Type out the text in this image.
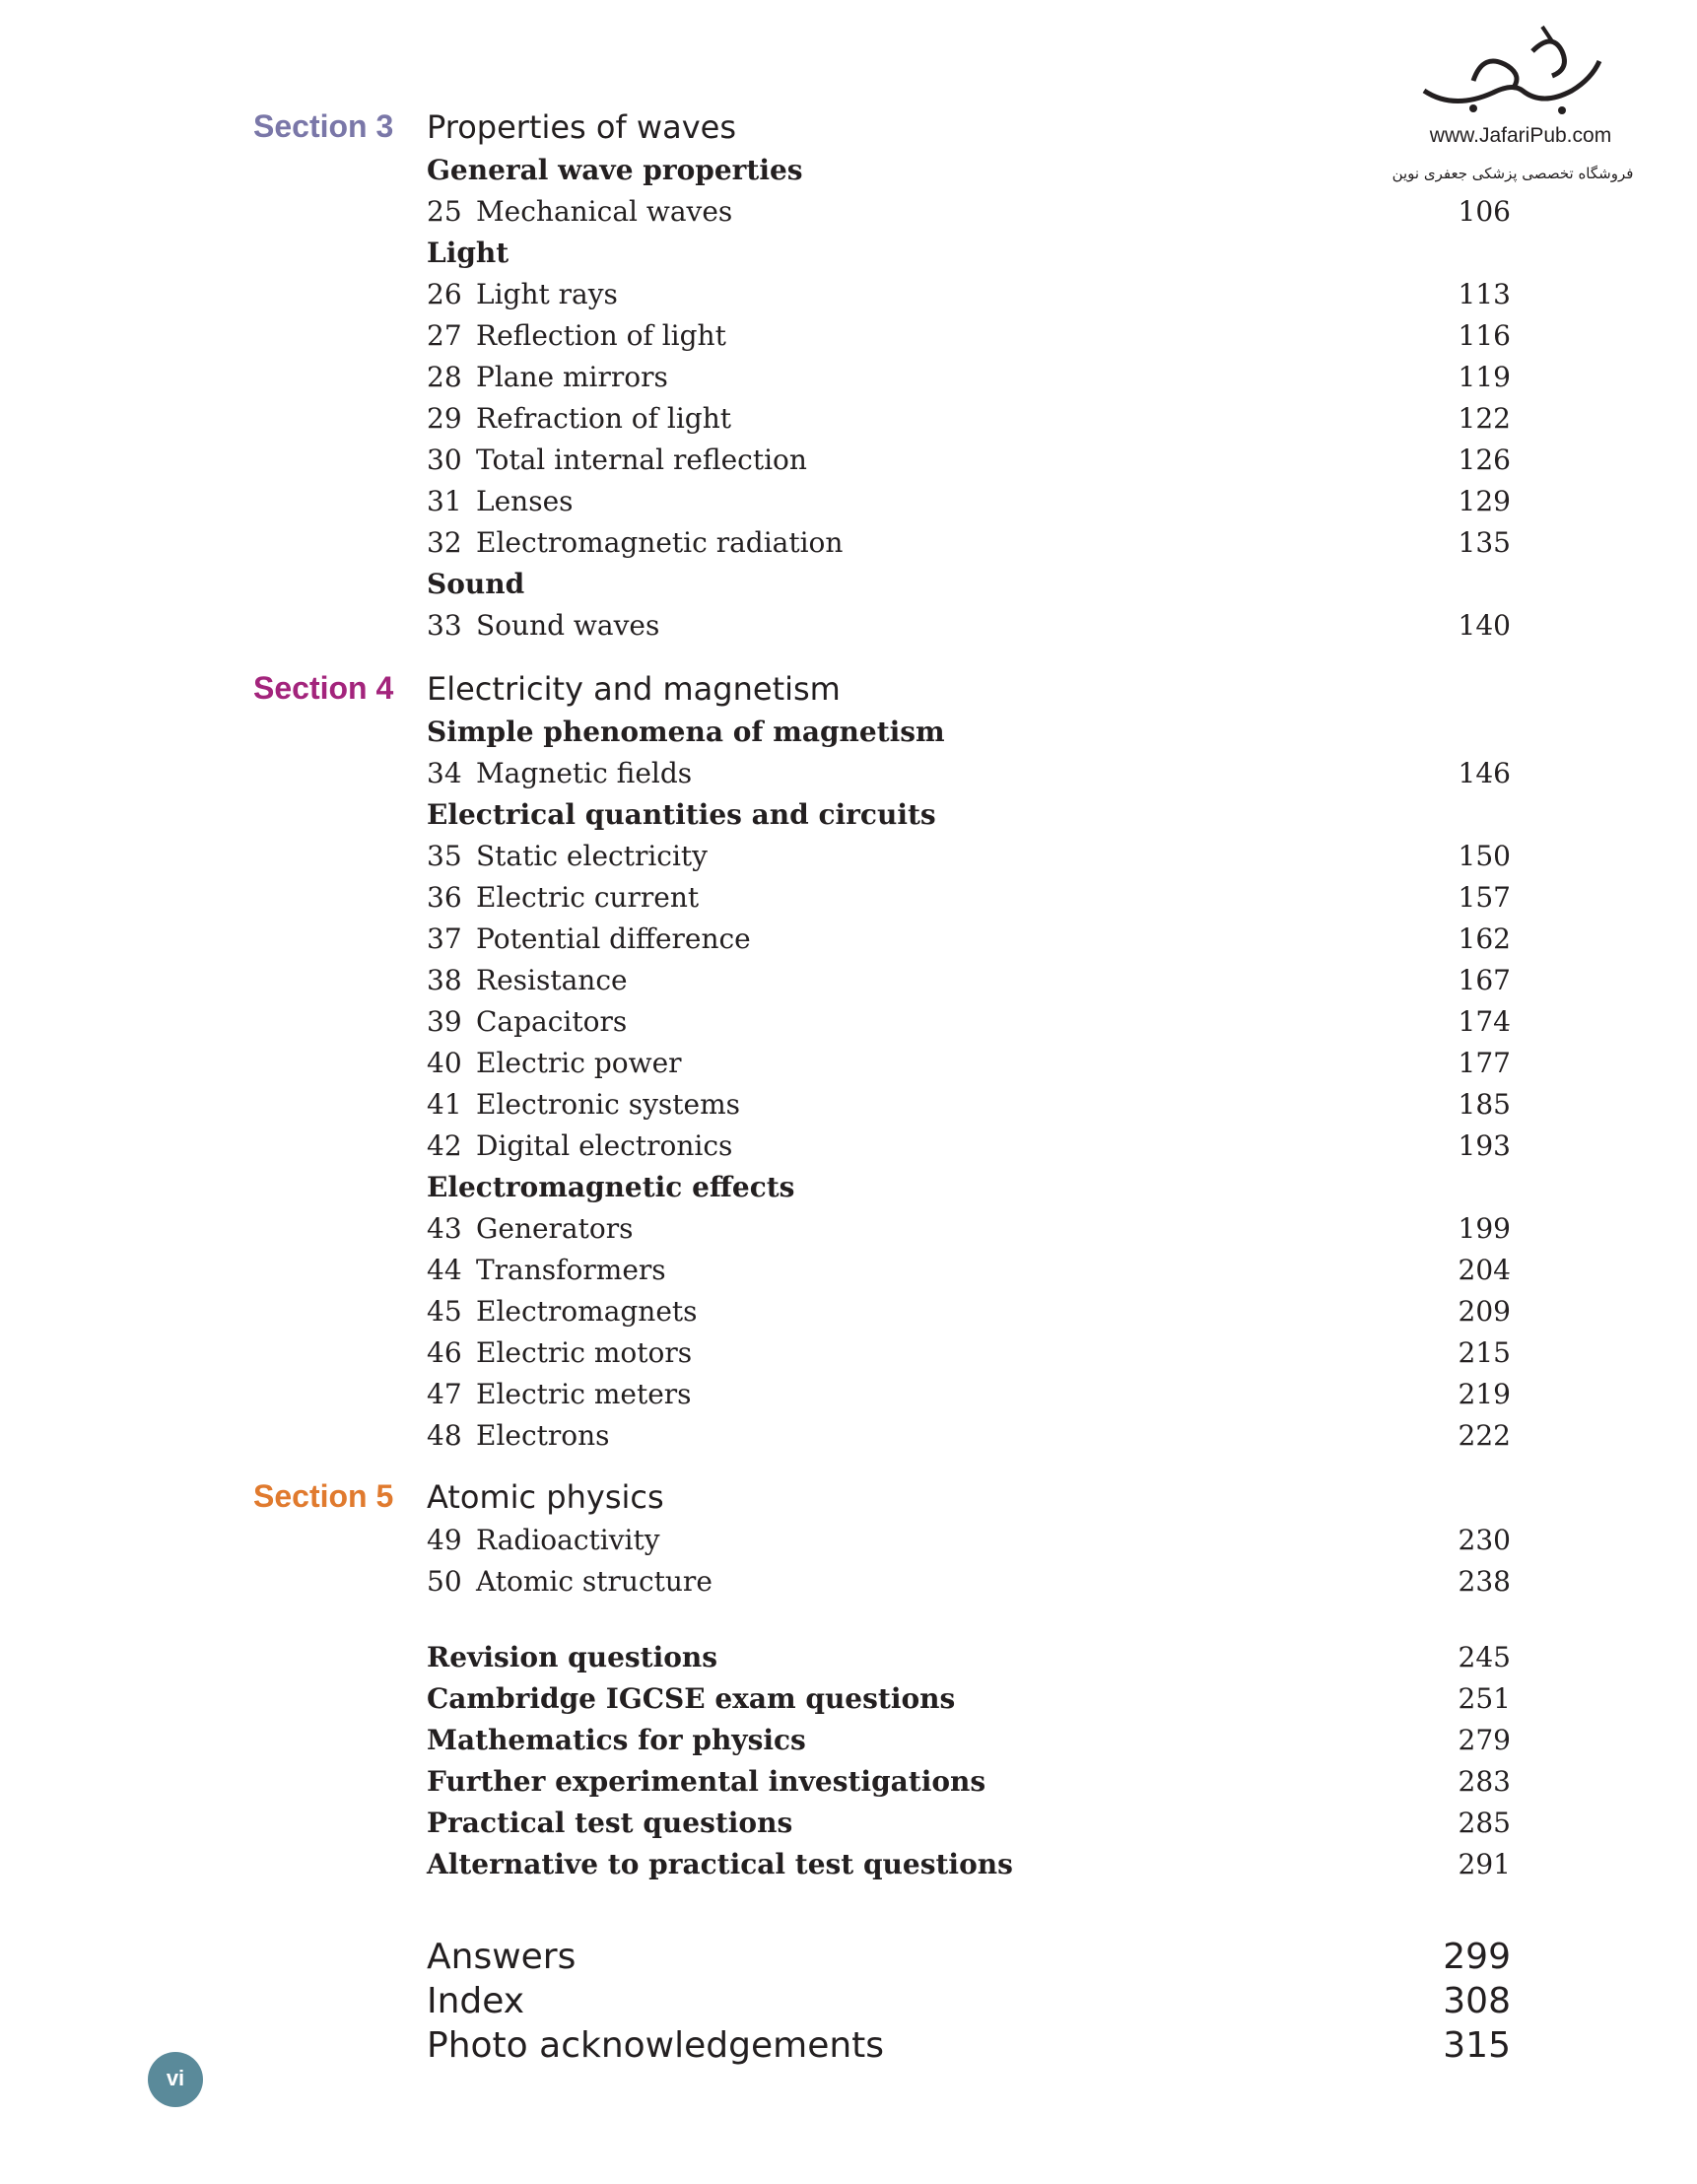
www.JafariPub.com
فروشگاه تخصصی پزشکی جعفری نوین
Section 3 Properties of waves
General wave properties
25 Mechanical waves	106
Light
26 Light rays	113
27 Reflection of light	116
28 Plane mirrors	119
29 Refraction of light	122
30 Total internal reflection	126
31 Lenses	129
32 Electromagnetic radiation	135
Sound
33 Sound waves	140
Section 4 Electricity and magnetism
Simple phenomena of magnetism
34 Magnetic fields	146
Electrical quantities and circuits
35 Static electricity	150
36 Electric current	157
37 Potential difference	162
38 Resistance	167
39 Capacitors	174
40 Electric power	177
41 Electronic systems	185
42 Digital electronics	193
Electromagnetic effects
43 Generators	199
44 Transformers	204
45 Electromagnets	209
46 Electric motors	215
47 Electric meters	219
48 Electrons	222
Section 5 Atomic physics
49 Radioactivity	230
50 Atomic structure	238
Revision questions	245
Cambridge IGCSE exam questions	251
Mathematics for physics	279
Further experimental investigations	283
Practical test questions	285
Alternative to practical test questions	291
Answers	299
Index	308
Photo acknowledgements	315
vi
